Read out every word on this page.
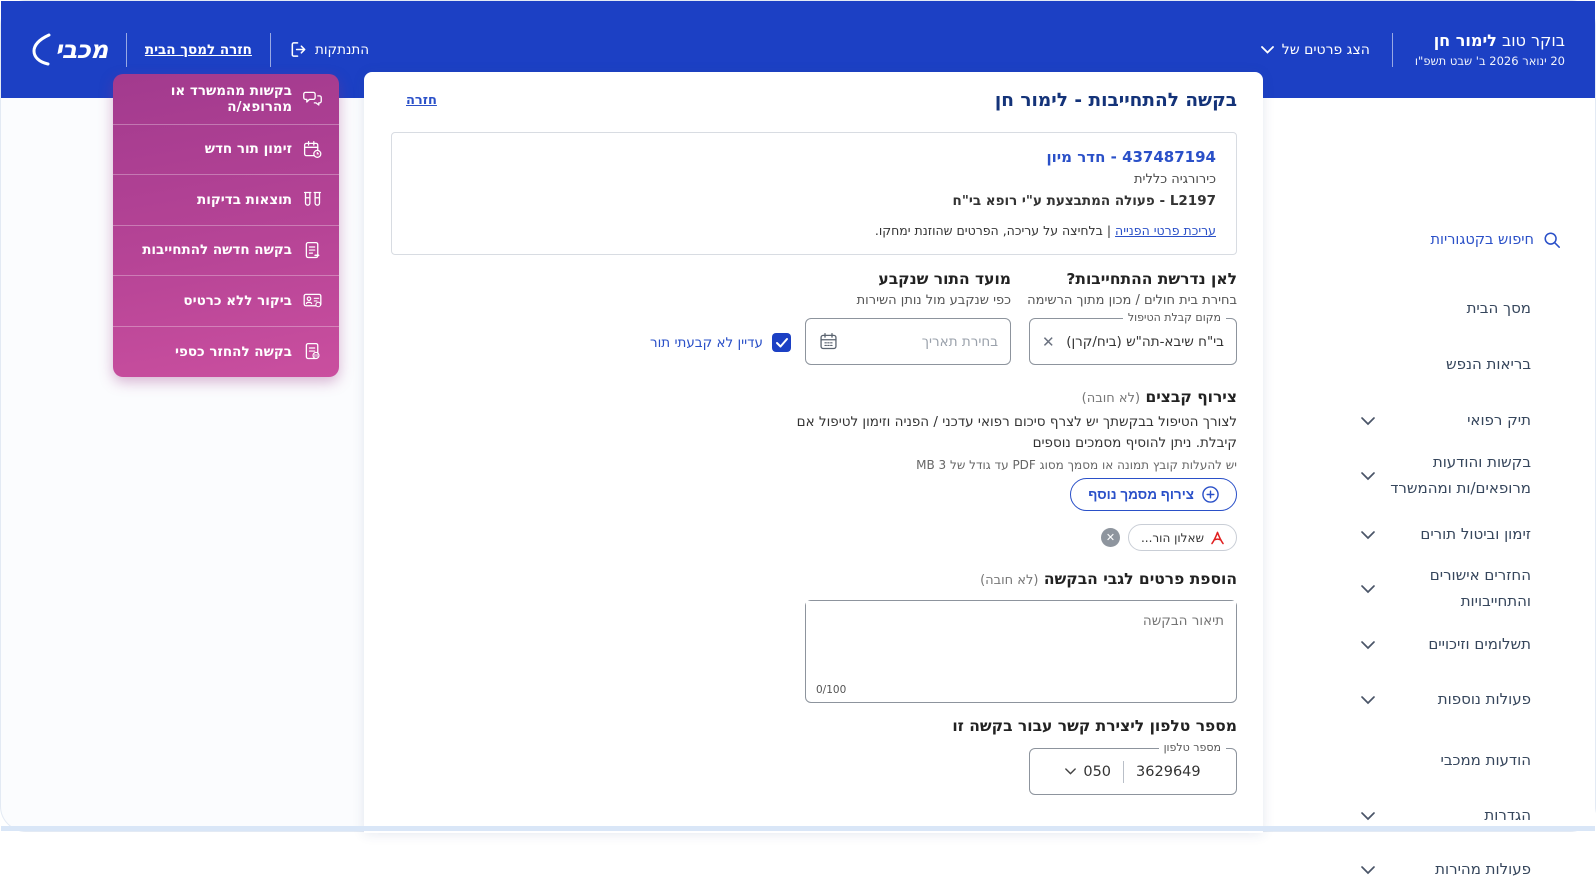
בוקר טוב לימור חן
20 ינואר 2026 ב' שבט תשפ"ו
הצג פרטים של
מכבי	חזרה למסך הבית	התנתקות
בקשות מהמשרד או מהרופא/ה
זימון תור חדש
תוצאות בדיקות
בקשה חדשה להתחייבות
ביקור ללא כרטיס
בקשה להחזר כספי
חיפוש בקטגוריות
מסך הבית
בריאות הנפש
תיק רפואי
בקשות והודעות מרופאים/ות ומהמשרד
זימון וביטול תורים
החזרים אישורים והתחייבויות
תשלומים וזיכויים
פעולות נוספות
הודעות ממכבי
הגדרות
פעולות מהירות
חזרה	בקשה להתחייבות - לימור חן
437487194 - חדר מיון
כירורגיה כללית
L2197 - פעולה המתבצעת ע"י רופא בי"ח
עריכת פרטי הפנייה | בלחיצה על עריכה, הפרטים שהוזנת ימחקו.
לאן נדרשת ההתחייבות?
בחירת בית חולים / מכון מתוך הרשימה
מועד התור שנקבע
כפי שנקבע מול נותן השירות
מקום קבלת הטיפול
בי"ח שיבא-תה"ש (ביח/קרן)
✕
בחירת תאריך
עדיין לא קבעתי תור
צירוף קבצים (לא חובה)
לצורך הטיפול בבקשתך יש לצרף סיכום רפואי עדכני / הפניה וזימון לטיפול אם קיבלת. ניתן להוסיף מסמכים נוספים
יש להעלות קובץ תמונה או מסמך מסוג PDF עד גודל של MB 3
צירוף מסמך נוסף
שאלון הור...
✕
הוספת פרטים לגבי הבקשה (לא חובה)
תיאור הבקשה
0/100
מספר טלפון ליצירת קשר עבור בקשה זו
מספר טלפון
050 3629649
